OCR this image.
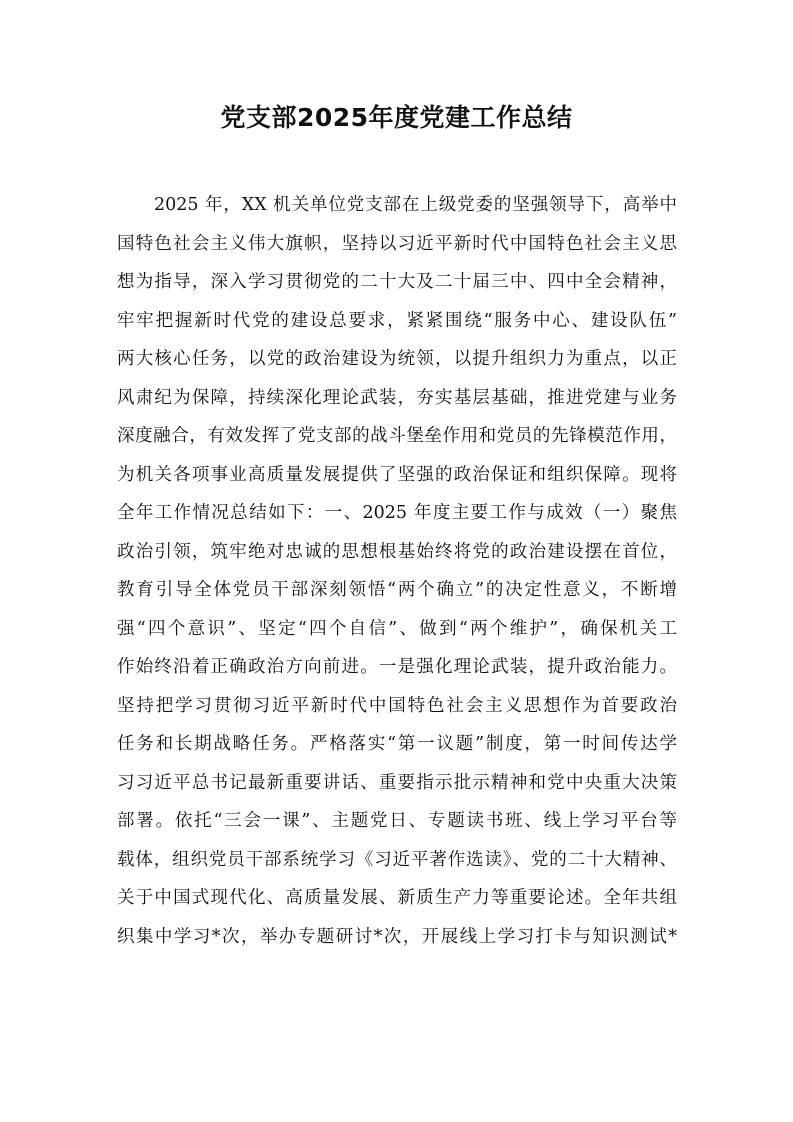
党支部2025年度党建工作总结
2025 年，XX 机关单位党支部在上级党委的坚强领导下，高举中
国特色社会主义伟大旗帜，坚持以习近平新时代中国特色社会主义思
想为指导，深入学习贯彻党的二十大及二十届三中、四中全会精神，
牢牢把握新时代党的建设总要求，紧紧围绕“服务中心、建设队伍”
两大核心任务，以党的政治建设为统领，以提升组织力为重点，以正
风肃纪为保障，持续深化理论武装，夯实基层基础，推进党建与业务
深度融合，有效发挥了党支部的战斗堡垒作用和党员的先锋模范作用，
为机关各项事业高质量发展提供了坚强的政治保证和组织保障。现将
全年工作情况总结如下：一、2025 年度主要工作与成效（一）聚焦
政治引领，筑牢绝对忠诚的思想根基始终将党的政治建设摆在首位，
教育引导全体党员干部深刻领悟“两个确立”的决定性意义，不断增
强“四个意识”、坚定“四个自信”、做到“两个维护”，确保机关工
作始终沿着正确政治方向前进。一是强化理论武装，提升政治能力。
坚持把学习贯彻习近平新时代中国特色社会主义思想作为首要政治
任务和长期战略任务。严格落实“第一议题”制度，第一时间传达学
习习近平总书记最新重要讲话、重要指示批示精神和党中央重大决策
部署。依托“三会一课”、主题党日、专题读书班、线上学习平台等
载体，组织党员干部系统学习《习近平著作选读》、党的二十大精神、
关于中国式现代化、高质量发展、新质生产力等重要论述。全年共组
织集中学习*次，举办专题研讨*次，开展线上学习打卡与知识测试*
